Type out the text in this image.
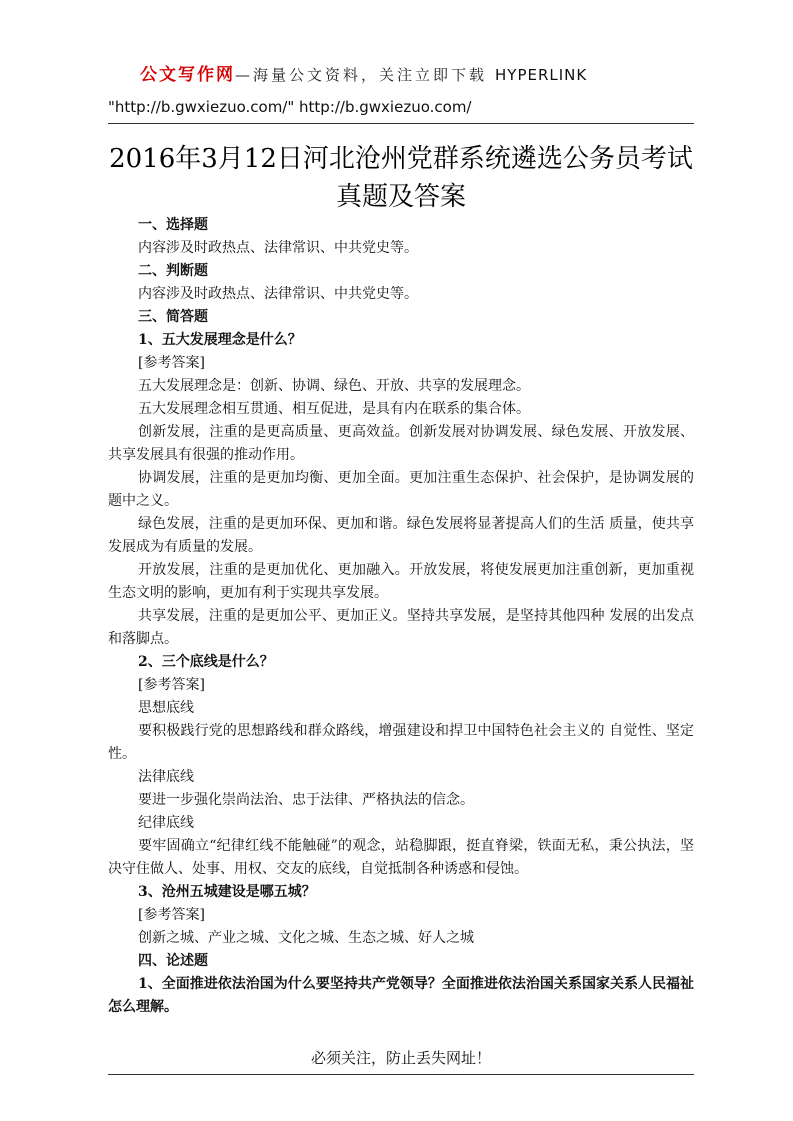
公文写作网—海量公文资料，关注立即下载 HYPERLINK
"http://b.gwxiezuo.com/" http://b.gwxiezuo.com/
2016年3月12日河北沧州党群系统遴选公务员考试真题及答案

一、选择题

内容涉及时政热点、法律常识、中共党史等。

二、判断题

内容涉及时政热点、法律常识、中共党史等。

三、简答题

1、五大发展理念是什么？

[参考答案]

五大发展理念是：创新、协调、绿色、开放、共享的发展理念。

五大发展理念相互贯通、相互促进，是具有内在联系的集合体。

创新发展，注重的是更高质量、更高效益。创新发展对协调发展、绿色发展、开放发展、共享发展具有很强的推动作用。

协调发展，注重的是更加均衡、更加全面。更加注重生态保护、社会保护，是协调发展的题中之义。

绿色发展，注重的是更加环保、更加和谐。绿色发展将显著提高人们的生活 质量，使共享发展成为有质量的发展。

开放发展，注重的是更加优化、更加融入。开放发展，将使发展更加注重创新，更加重视生态文明的影响，更加有利于实现共享发展。

共享发展，注重的是更加公平、更加正义。坚持共享发展，是坚持其他四种 发展的出发点和落脚点。

2、三个底线是什么？

[参考答案]

思想底线

要积极践行党的思想路线和群众路线，增强建设和捍卫中国特色社会主义的 自觉性、坚定性。

法律底线

要进一步强化崇尚法治、忠于法律、严格执法的信念。

纪律底线

要牢固确立“纪律红线不能触碰”的观念，站稳脚跟，挺直脊梁，铁面无私，秉公执法，坚决守住做人、处事、用权、交友的底线，自觉抵制各种诱惑和侵蚀。

3、沧州五城建设是哪五城？

[参考答案]

创新之城、产业之城、文化之城、生态之城、好人之城

四、论述题

1、全面推进依法治国为什么要坚持共产党领导？全面推进依法治国关系国家关系人民福祉怎么理解。

必须关注，防止丢失网址！
